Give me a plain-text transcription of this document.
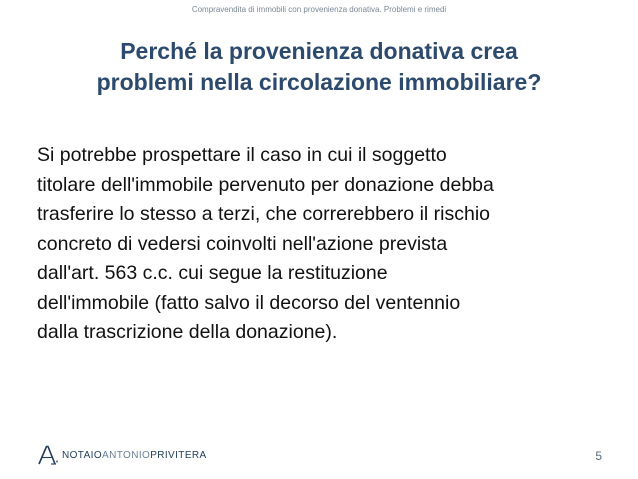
Compravendita di immobili con provenienza donativa. Problemi e rimedi
Perché la provenienza donativa crea
problemi nella circolazione immobiliare?

Si potrebbe prospettare il caso in cui il soggetto
titolare dell'immobile pervenuto per donazione debba
trasferire lo stesso a terzi, che correrebbero il rischio
concreto di vedersi coinvolti nell'azione prevista
dall'art. 563 c.c. cui segue la restituzione
dell'immobile (fatto salvo il decorso del ventennio
dalla trascrizione della donazione).

NOTAIOANTONIOPRIVITERA	5
